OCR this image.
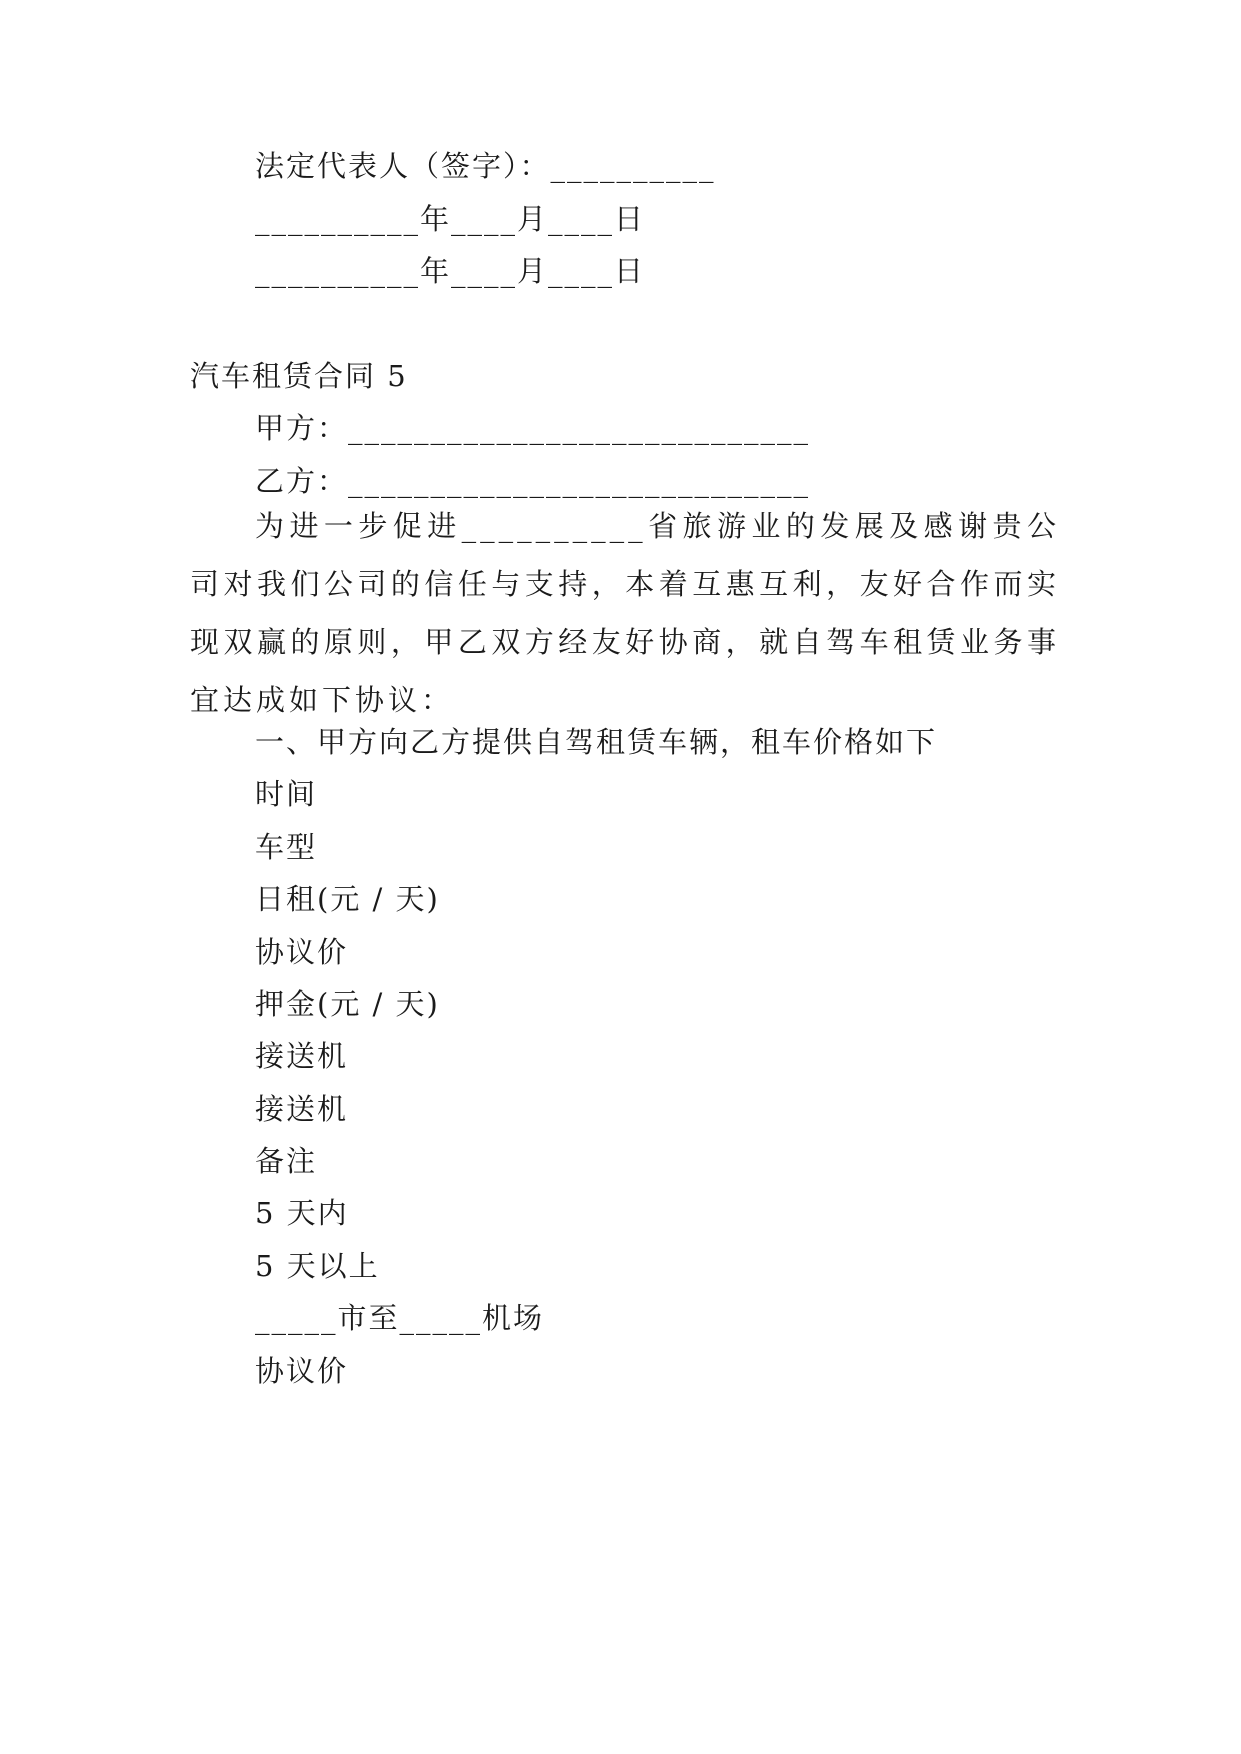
法定代表人（签字）：__________
__________年____月____日
__________年____月____日
汽车租赁合同 5
甲方：____________________________
乙方：____________________________
为进一步促进__________省旅游业的发展及感谢贵公司对我们公司的信任与支持，本着互惠互利，友好合作而实现双赢的原则，甲乙双方经友好协商，就自驾车租赁业务事宜达成如下协议：
一、甲方向乙方提供自驾租赁车辆，租车价格如下
时间
车型
日租(元 / 天)
协议价
押金(元 / 天)
接送机
接送机
备注
5 天内
5 天以上
_____市至_____机场
协议价
